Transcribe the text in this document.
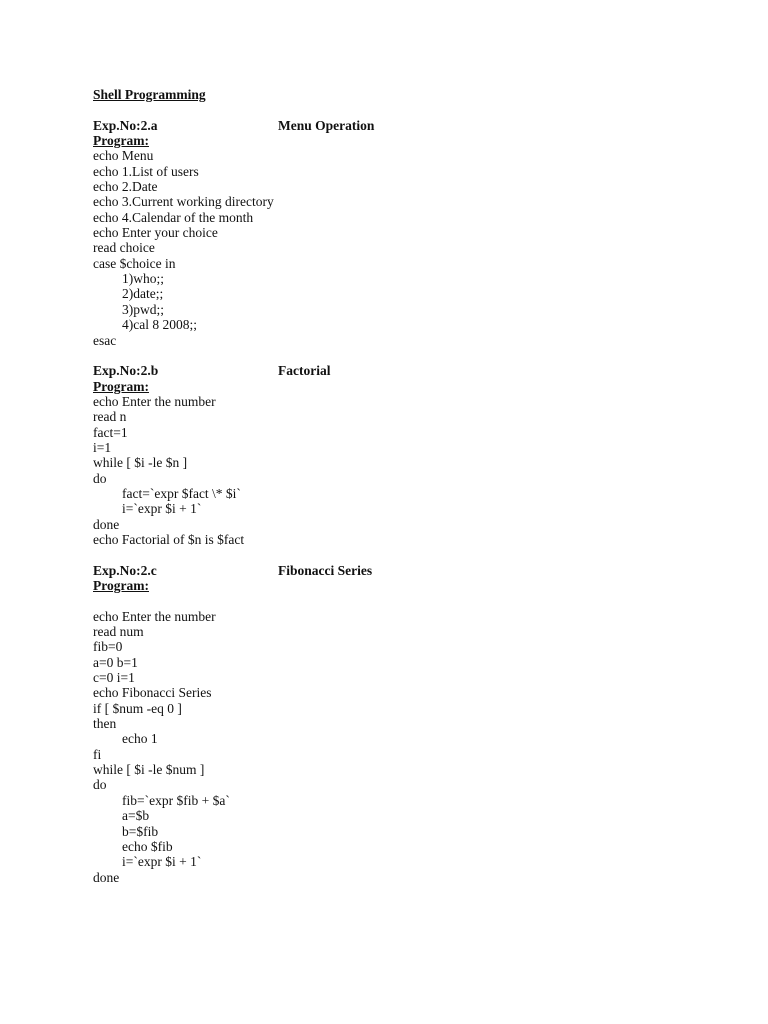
Shell Programming
Exp.No:2.a	Menu Operation
Program:
echo Menu
echo 1.List of users
echo 2.Date
echo 3.Current working directory
echo 4.Calendar of the month
echo Enter your choice
read choice
case $choice in
1)who;;
2)date;;
3)pwd;;
4)cal 8 2008;;
esac
Exp.No:2.b	Factorial
Program:
echo Enter the number
read n
fact=1
i=1
while [ $i -le $n ]
do
fact=`expr $fact \* $i`
i=`expr $i + 1`
done
echo Factorial of $n is $fact
Exp.No:2.c	Fibonacci Series
Program:
echo Enter the number
read num
fib=0
a=0 b=1
c=0 i=1
echo Fibonacci Series
if [ $num -eq 0 ]
then
echo 1
fi
while [ $i -le $num ]
do
fib=`expr $fib + $a`
a=$b
b=$fib
echo $fib
i=`expr $i + 1`
done
